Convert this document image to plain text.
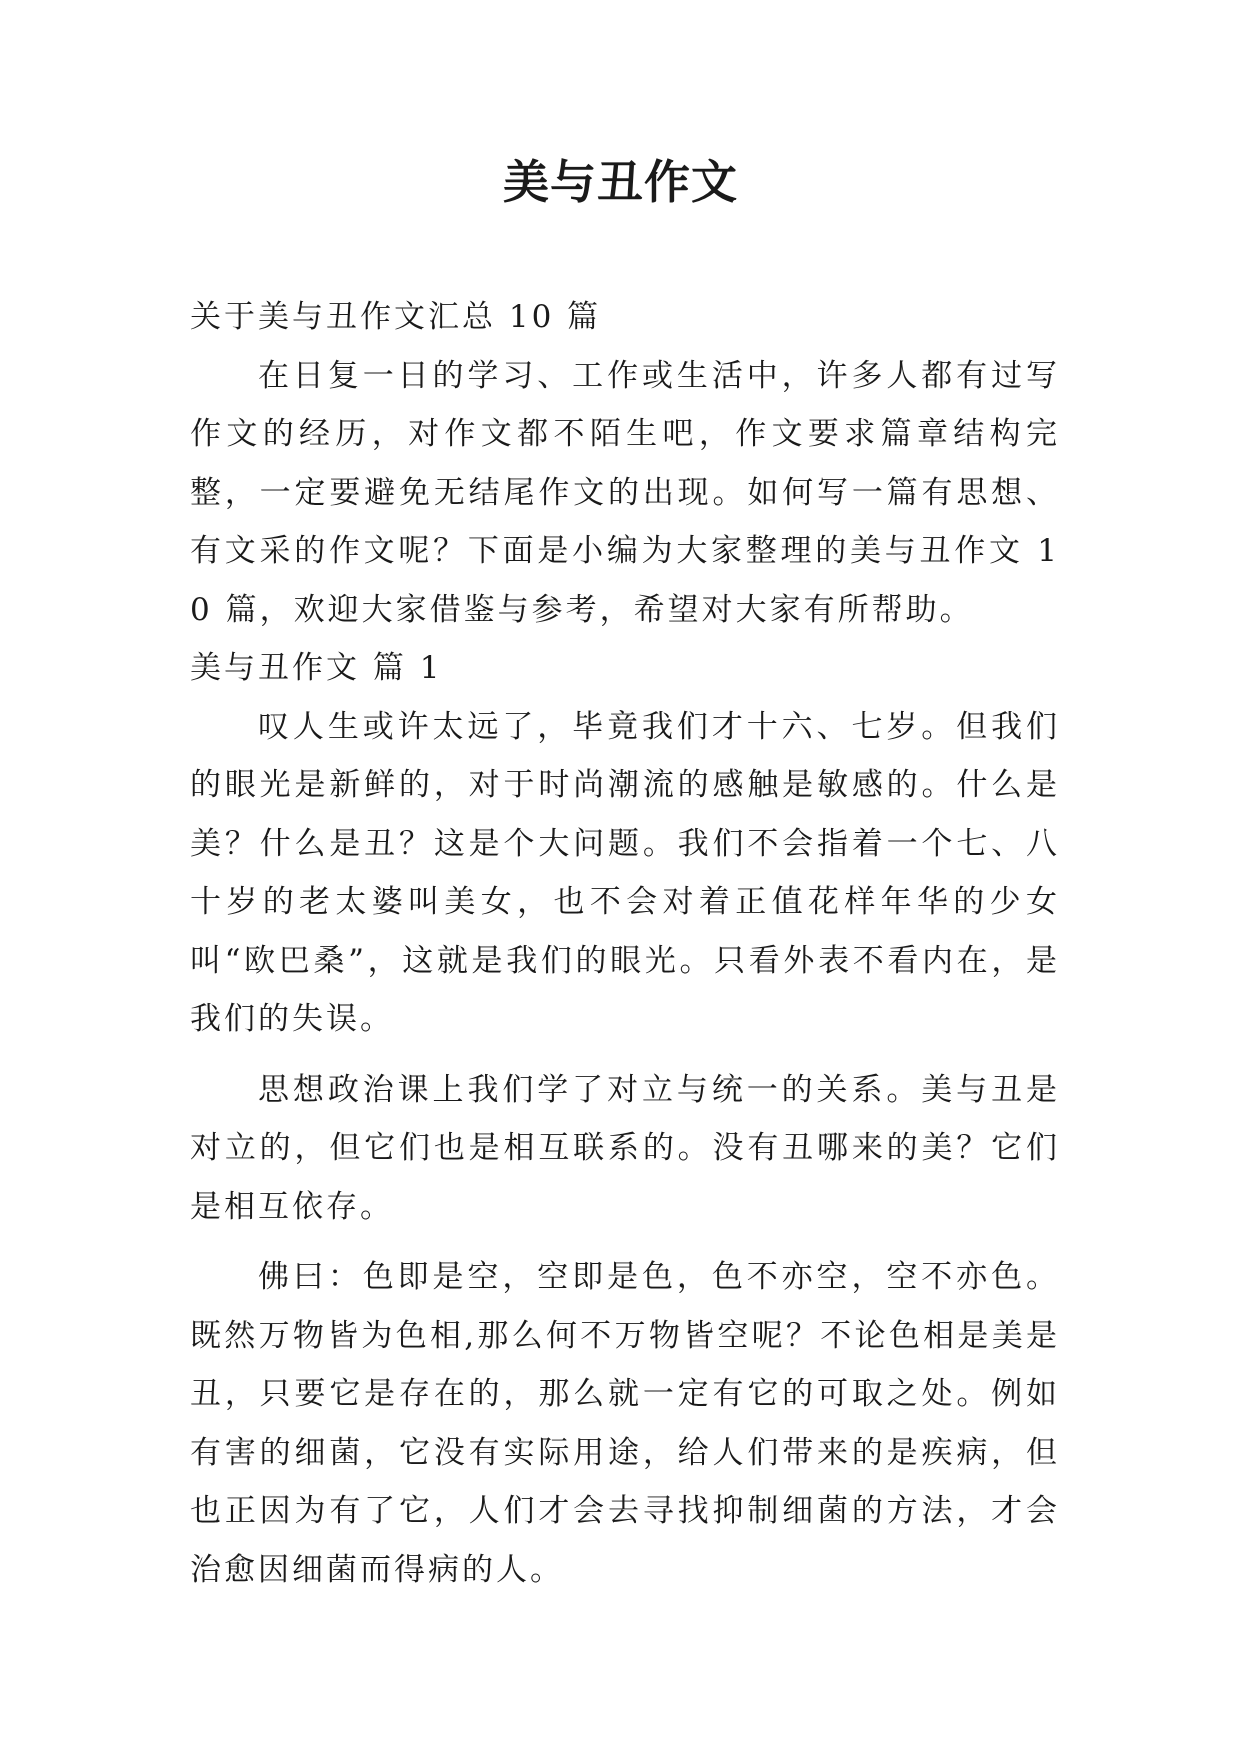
美与丑作文

关于美与丑作文汇总 10 篇

在日复一日的学习、工作或生活中，许多人都有过写作文的经历，对作文都不陌生吧，作文要求篇章结构完整，一定要避免无结尾作文的出现。如何写一篇有思想、有文采的作文呢？下面是小编为大家整理的美与丑作文 10 篇，欢迎大家借鉴与参考，希望对大家有所帮助。

美与丑作文 篇 1

叹人生或许太远了，毕竟我们才十六、七岁。但我们的眼光是新鲜的，对于时尚潮流的感触是敏感的。什么是美？什么是丑？这是个大问题。我们不会指着一个七、八十岁的老太婆叫美女，也不会对着正值花样年华的少女叫“欧巴桑”，这就是我们的眼光。只看外表不看内在，是我们的失误。

思想政治课上我们学了对立与统一的关系。美与丑是对立的，但它们也是相互联系的。没有丑哪来的美？它们是相互依存。

佛曰：色即是空，空即是色，色不亦空，空不亦色。既然万物皆为色相,那么何不万物皆空呢？不论色相是美是丑，只要它是存在的，那么就一定有它的可取之处。例如有害的细菌，它没有实际用途，给人们带来的是疾病，但也正因为有了它，人们才会去寻找抑制细菌的方法，才会治愈因细菌而得病的人。
